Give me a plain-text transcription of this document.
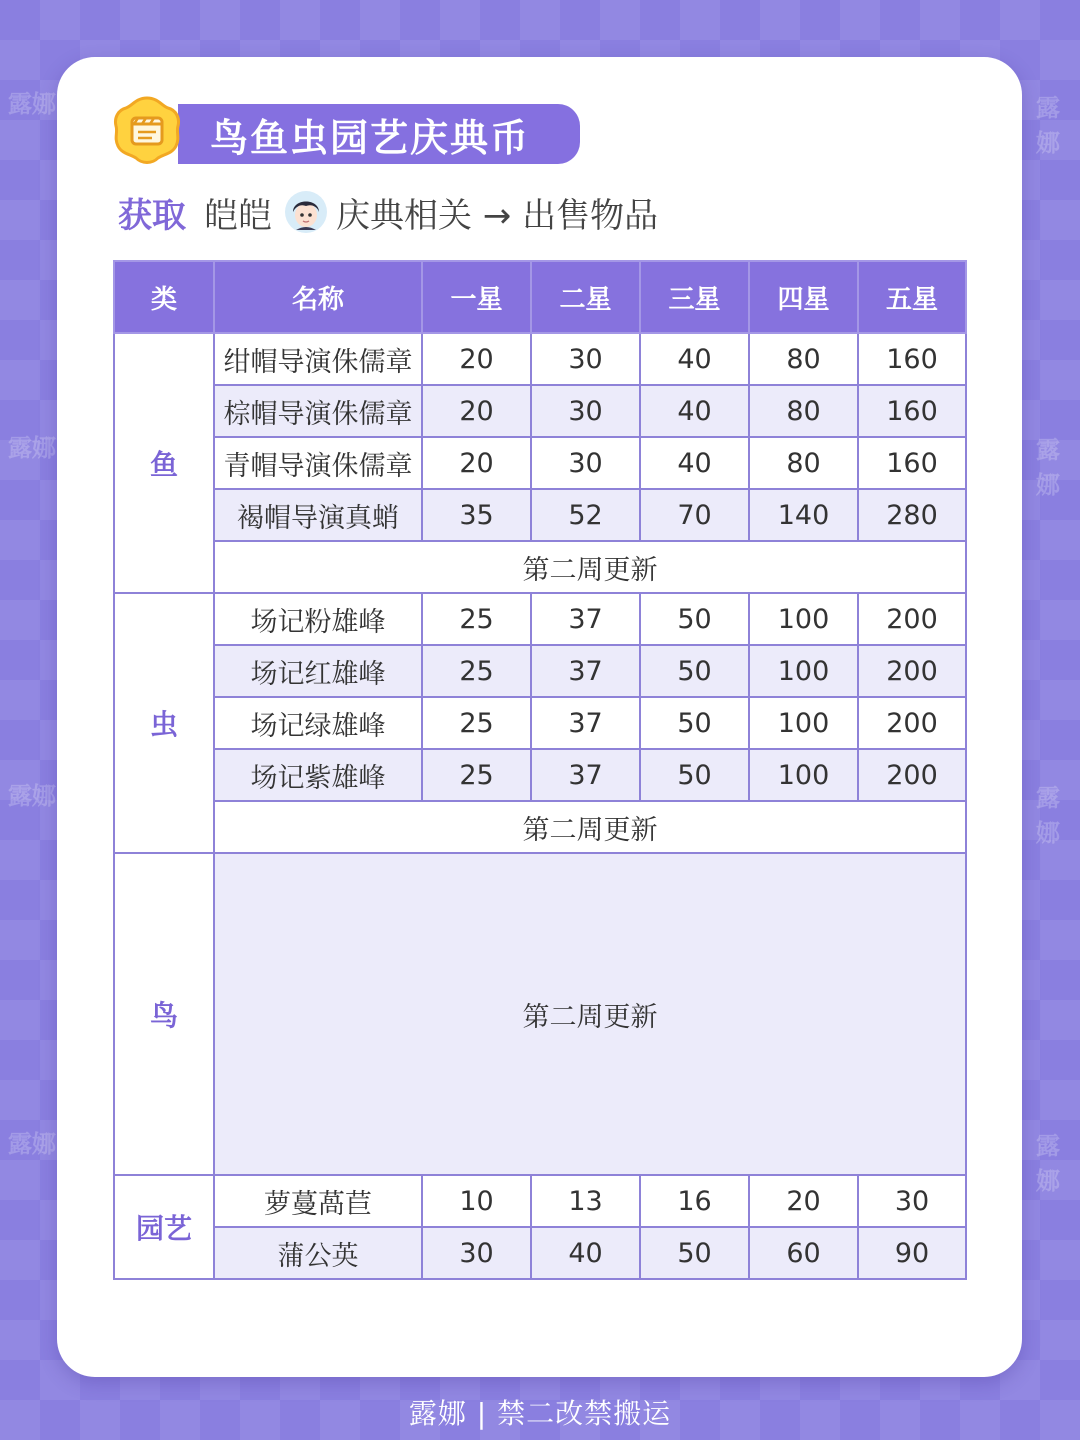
露娜
露娜
露娜
露娜
露娜
露娜
露娜
露娜
鸟鱼虫园艺庆典币
获取 皑皑 庆典相关 → 出售物品
类	名称	一星	二星	三星	四星	五星
鱼	绀帽导演侏儒章	20	30	40	80	160
	棕帽导演侏儒章	20	30	40	80	160
	青帽导演侏儒章	20	30	40	80	160
	褐帽导演真蛸	35	52	70	140	280
	第二周更新					
虫	场记粉雄峰	25	37	50	100	200
	场记红雄峰	25	37	50	100	200
	场记绿雄峰	25	37	50	100	200
	场记紫雄峰	25	37	50	100	200
	第二周更新					
鸟	第二周更新					
园艺	萝蔓萵苣	10	13	16	20	30
	蒲公英	30	40	50	60	90
露娜 | 禁二改禁搬运
